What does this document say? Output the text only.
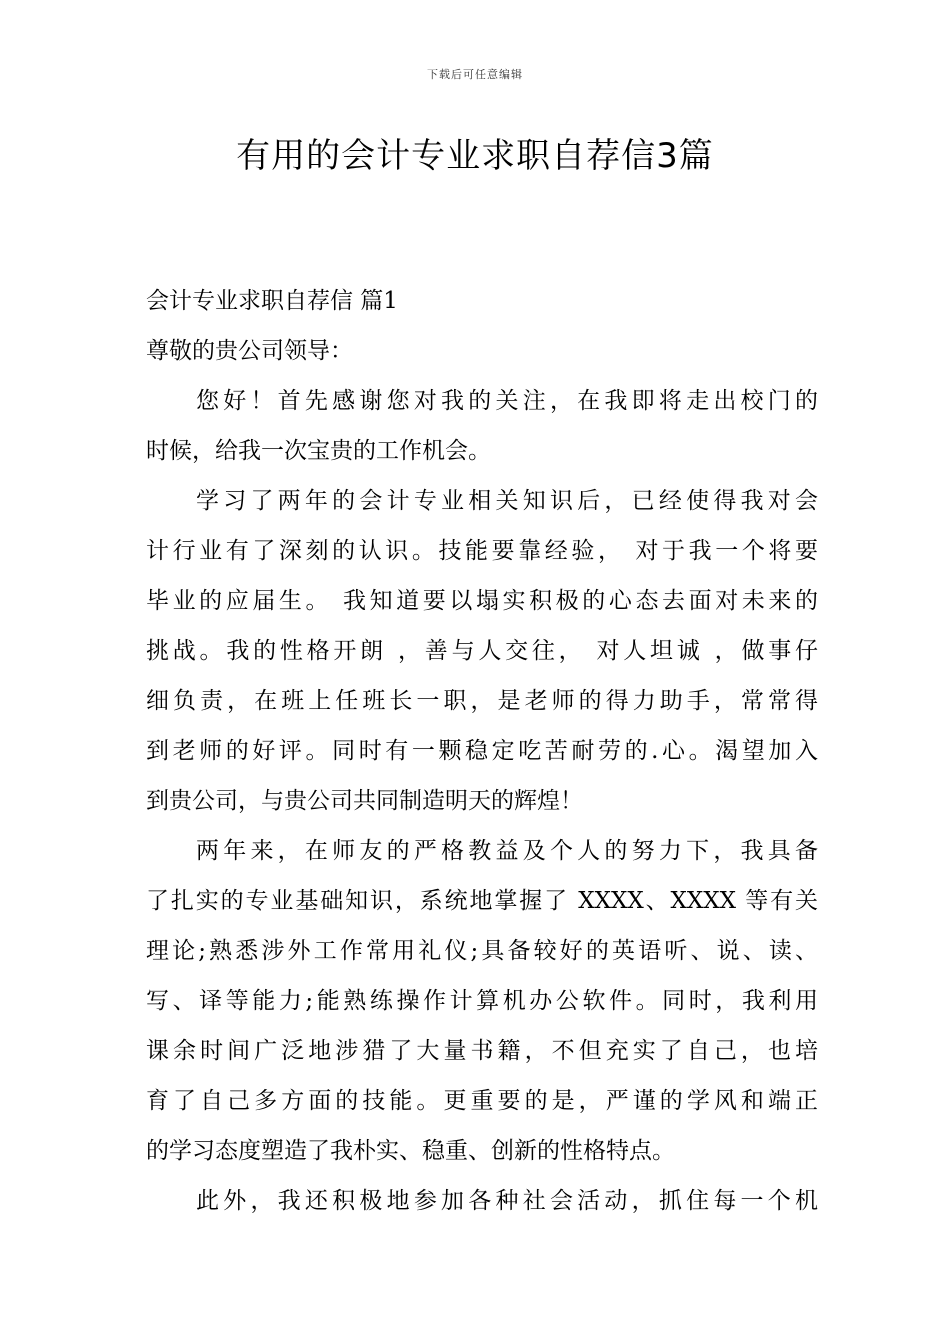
下载后可任意编辑
有用的会计专业求职自荐信3篇

会计专业求职自荐信 篇1

尊敬的贵公司领导：

您好！首先感谢您对我的关注，在我即将走出校门的

时候，给我一次宝贵的工作机会。

学习了两年的会计专业相关知识后，已经使得我对会

计行业有了深刻的认识。技能要靠经验， 对于我一个将要

毕业的应届生。 我知道要以塌实积极的心态去面对未来的

挑战。我的性格开朗 ，善与人交往， 对人坦诚 ，做事仔

细负责，在班上任班长一职，是老师的得力助手，常常得

到老师的好评。同时有一颗稳定吃苦耐劳的.心。渴望加入

到贵公司，与贵公司共同制造明天的辉煌！

两年来，在师友的严格教益及个人的努力下，我具备

了扎实的专业基础知识，系统地掌握了 XXXX、XXXX 等有关

理论;熟悉涉外工作常用礼仪;具备较好的英语听、说、读、

写、译等能力;能熟练操作计算机办公软件。同时，我利用

课余时间广泛地涉猎了大量书籍，不但充实了自己，也培

育了自己多方面的技能。更重要的是，严谨的学风和端正

的学习态度塑造了我朴实、稳重、创新的性格特点。

此外，我还积极地参加各种社会活动，抓住每一个机
